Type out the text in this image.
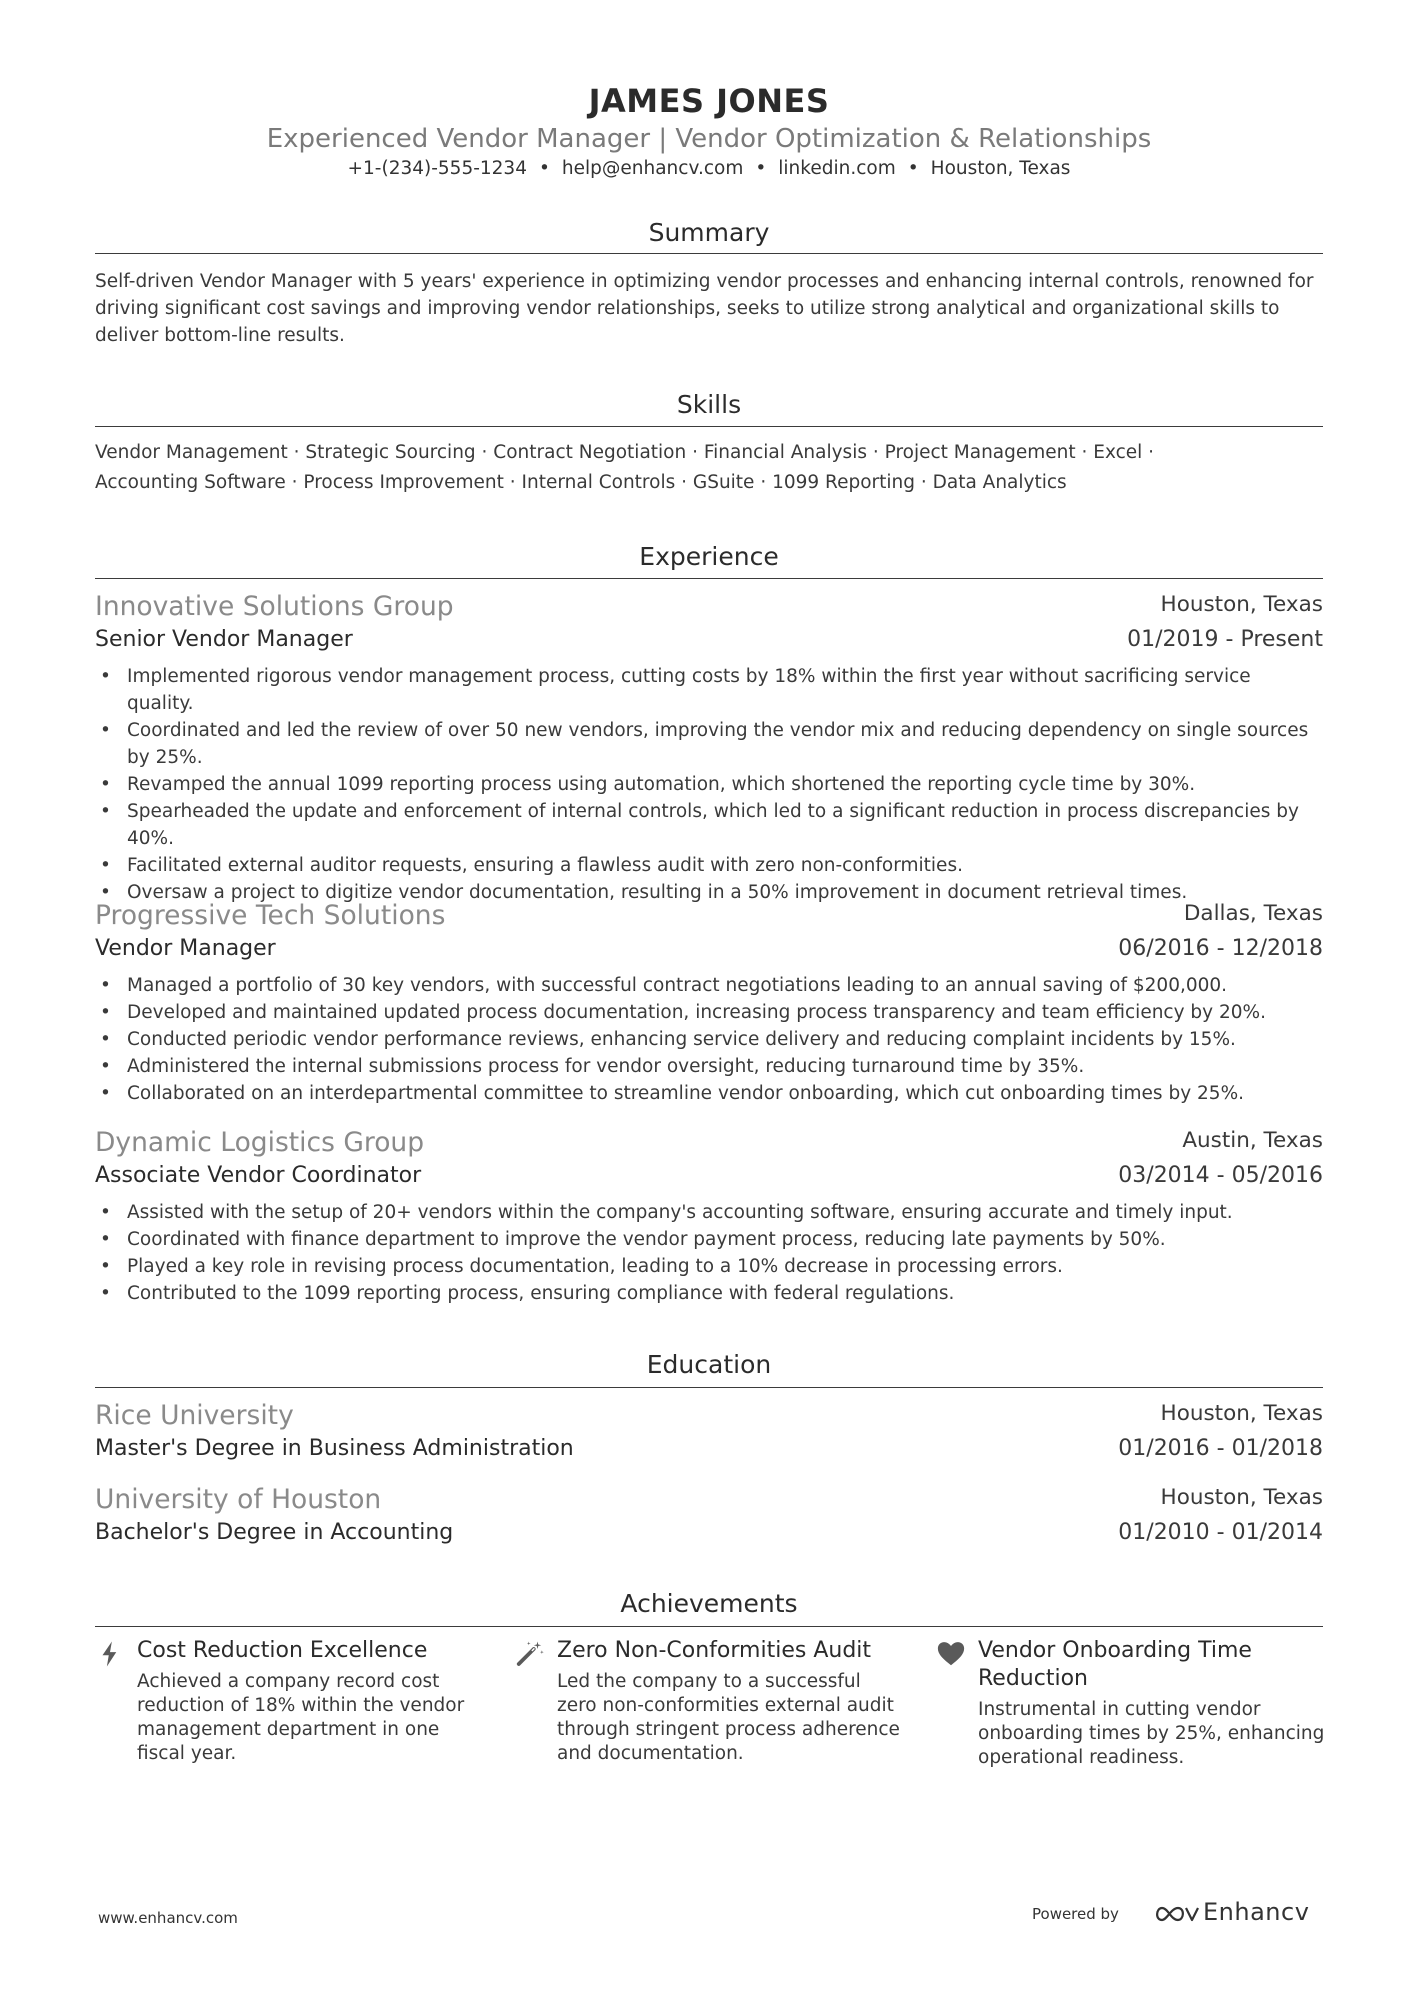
JAMES JONES
Experienced Vendor Manager | Vendor Optimization & Relationships
+1-(234)-555-1234 • help@enhancv.com • linkedin.com • Houston, Texas
Summary
Self-driven Vendor Manager with 5 years' experience in optimizing vendor processes and enhancing internal controls, renowned for driving significant cost savings and improving vendor relationships, seeks to utilize strong analytical and organizational skills to deliver bottom-line results.
Skills
Vendor Management · Strategic Sourcing · Contract Negotiation · Financial Analysis · Project Management · Excel ·
Accounting Software · Process Improvement · Internal Controls · GSuite · 1099 Reporting · Data Analytics
Experience
Innovative Solutions Group	Houston, Texas
Senior Vendor Manager	01/2019 - Present
• Implemented rigorous vendor management process, cutting costs by 18% within the first year without sacrificing service quality.
• Coordinated and led the review of over 50 new vendors, improving the vendor mix and reducing dependency on single sources by 25%.
• Revamped the annual 1099 reporting process using automation, which shortened the reporting cycle time by 30%.
• Spearheaded the update and enforcement of internal controls, which led to a significant reduction in process discrepancies by 40%.
• Facilitated external auditor requests, ensuring a flawless audit with zero non-conformities.
• Oversaw a project to digitize vendor documentation, resulting in a 50% improvement in document retrieval times.
Progressive Tech Solutions	Dallas, Texas
Vendor Manager	06/2016 - 12/2018
• Managed a portfolio of 30 key vendors, with successful contract negotiations leading to an annual saving of $200,000.
• Developed and maintained updated process documentation, increasing process transparency and team efficiency by 20%.
• Conducted periodic vendor performance reviews, enhancing service delivery and reducing complaint incidents by 15%.
• Administered the internal submissions process for vendor oversight, reducing turnaround time by 35%.
• Collaborated on an interdepartmental committee to streamline vendor onboarding, which cut onboarding times by 25%.
Dynamic Logistics Group	Austin, Texas
Associate Vendor Coordinator	03/2014 - 05/2016
• Assisted with the setup of 20+ vendors within the company's accounting software, ensuring accurate and timely input.
• Coordinated with finance department to improve the vendor payment process, reducing late payments by 50%.
• Played a key role in revising process documentation, leading to a 10% decrease in processing errors.
• Contributed to the 1099 reporting process, ensuring compliance with federal regulations.
Education
Rice University	Houston, Texas
Master's Degree in Business Administration	01/2016 - 01/2018
University of Houston	Houston, Texas
Bachelor's Degree in Accounting	01/2010 - 01/2014
Achievements
Cost Reduction Excellence
Achieved a company record cost reduction of 18% within the vendor management department in one fiscal year.
Zero Non-Conformities Audit
Led the company to a successful zero non-conformities external audit through stringent process adherence and documentation.
Vendor Onboarding Time Reduction
Instrumental in cutting vendor onboarding times by 25%, enhancing operational readiness.
www.enhancv.com	Powered by	Enhancv
